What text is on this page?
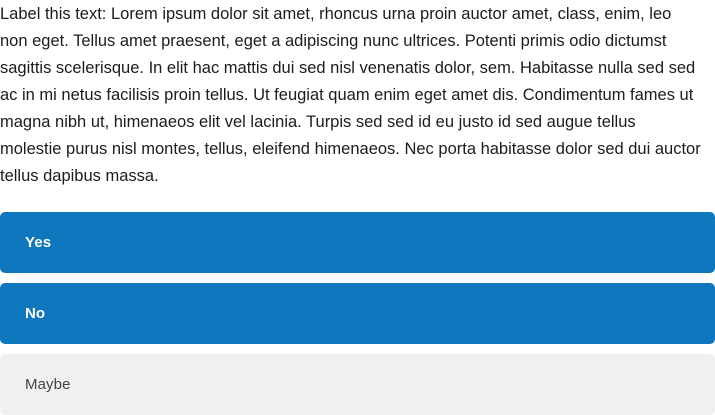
Label this text: Lorem ipsum dolor sit amet, rhoncus urna proin auctor amet, class, enim, leo non eget. Tellus amet praesent, eget a adipiscing nunc ultrices. Potenti primis odio dictumst sagittis scelerisque. In elit hac mattis dui sed nisl venenatis dolor, sem. Habitasse nulla sed sed ac in mi netus facilisis proin tellus. Ut feugiat quam enim eget amet dis. Condimentum fames ut magna nibh ut, himenaeos elit vel lacinia. Turpis sed sed id eu justo id sed augue tellus molestie purus nisl montes, tellus, eleifend himenaeos. Nec porta habitasse dolor sed dui auctor tellus dapibus massa.
Yes
No
Maybe
